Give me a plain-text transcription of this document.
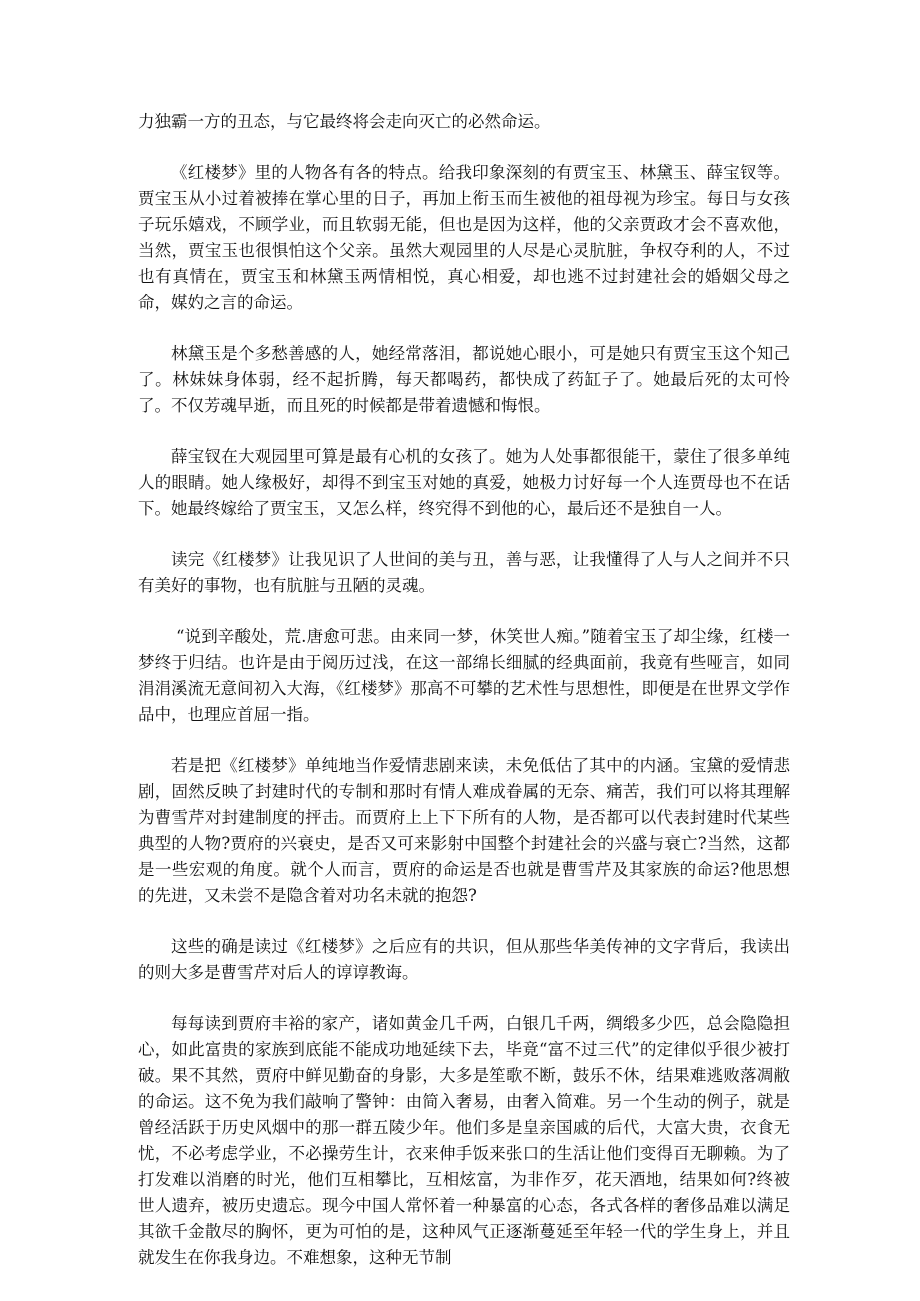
力独霸一方的丑态，与它最终将会走向灭亡的必然命运。

《红楼梦》里的人物各有各的特点。给我印象深刻的有贾宝玉、林黛玉、薛宝钗等。贾宝玉从小过着被捧在掌心里的日子，再加上衔玉而生被他的祖母视为珍宝。每日与女孩子玩乐嬉戏，不顾学业，而且软弱无能，但也是因为这样，他的父亲贾政才会不喜欢他，当然，贾宝玉也很惧怕这个父亲。虽然大观园里的人尽是心灵肮脏，争权夺利的人，不过也有真情在，贾宝玉和林黛玉两情相悦，真心相爱，却也逃不过封建社会的婚姻父母之命，媒妁之言的命运。

林黛玉是个多愁善感的人，她经常落泪，都说她心眼小，可是她只有贾宝玉这个知己了。林妹妹身体弱，经不起折腾，每天都喝药，都快成了药缸子了。她最后死的太可怜了。不仅芳魂早逝，而且死的时候都是带着遗憾和悔恨。

薛宝钗在大观园里可算是最有心机的女孩了。她为人处事都很能干，蒙住了很多单纯人的眼睛。她人缘极好，却得不到宝玉对她的真爱，她极力讨好每一个人连贾母也不在话下。她最终嫁给了贾宝玉，又怎么样，终究得不到他的心，最后还不是独自一人。

读完《红楼梦》让我见识了人世间的美与丑，善与恶，让我懂得了人与人之间并不只有美好的事物，也有肮脏与丑陋的灵魂。

“说到辛酸处，荒.唐愈可悲。由来同一梦，休笑世人痴。”随着宝玉了却尘缘，红楼一梦终于归结。也许是由于阅历过浅，在这一部绵长细腻的经典面前，我竟有些哑言，如同涓涓溪流无意间初入大海，《红楼梦》那高不可攀的艺术性与思想性，即便是在世界文学作品中，也理应首屈一指。

若是把《红楼梦》单纯地当作爱情悲剧来读，未免低估了其中的内涵。宝黛的爱情悲剧，固然反映了封建时代的专制和那时有情人难成眷属的无奈、痛苦，我们可以将其理解为曹雪芹对封建制度的抨击。而贾府上上下下所有的人物，是否都可以代表封建时代某些典型的人物?贾府的兴衰史，是否又可来影射中国整个封建社会的兴盛与衰亡?当然，这都是一些宏观的角度。就个人而言，贾府的命运是否也就是曹雪芹及其家族的命运?他思想的先进，又未尝不是隐含着对功名未就的抱怨?

这些的确是读过《红楼梦》之后应有的共识，但从那些华美传神的文字背后，我读出的则大多是曹雪芹对后人的谆谆教诲。

每每读到贾府丰裕的家产，诸如黄金几千两，白银几千两，绸缎多少匹，总会隐隐担心，如此富贵的家族到底能不能成功地延续下去，毕竟“富不过三代”的定律似乎很少被打破。果不其然，贾府中鲜见勤奋的身影，大多是笙歌不断，鼓乐不休，结果难逃败落凋敝的命运。这不免为我们敲响了警钟：由简入奢易，由奢入简难。另一个生动的例子，就是曾经活跃于历史风烟中的那一群五陵少年。他们多是皇亲国戚的后代，大富大贵，衣食无忧，不必考虑学业，不必操劳生计，衣来伸手饭来张口的生活让他们变得百无聊赖。为了打发难以消磨的时光，他们互相攀比，互相炫富，为非作歹，花天酒地，结果如何?终被世人遗弃，被历史遗忘。现今中国人常怀着一种暴富的心态，各式各样的奢侈品难以满足其欲千金散尽的胸怀，更为可怕的是，这种风气正逐渐蔓延至年轻一代的学生身上，并且就发生在你我身边。不难想象，这种无节制
